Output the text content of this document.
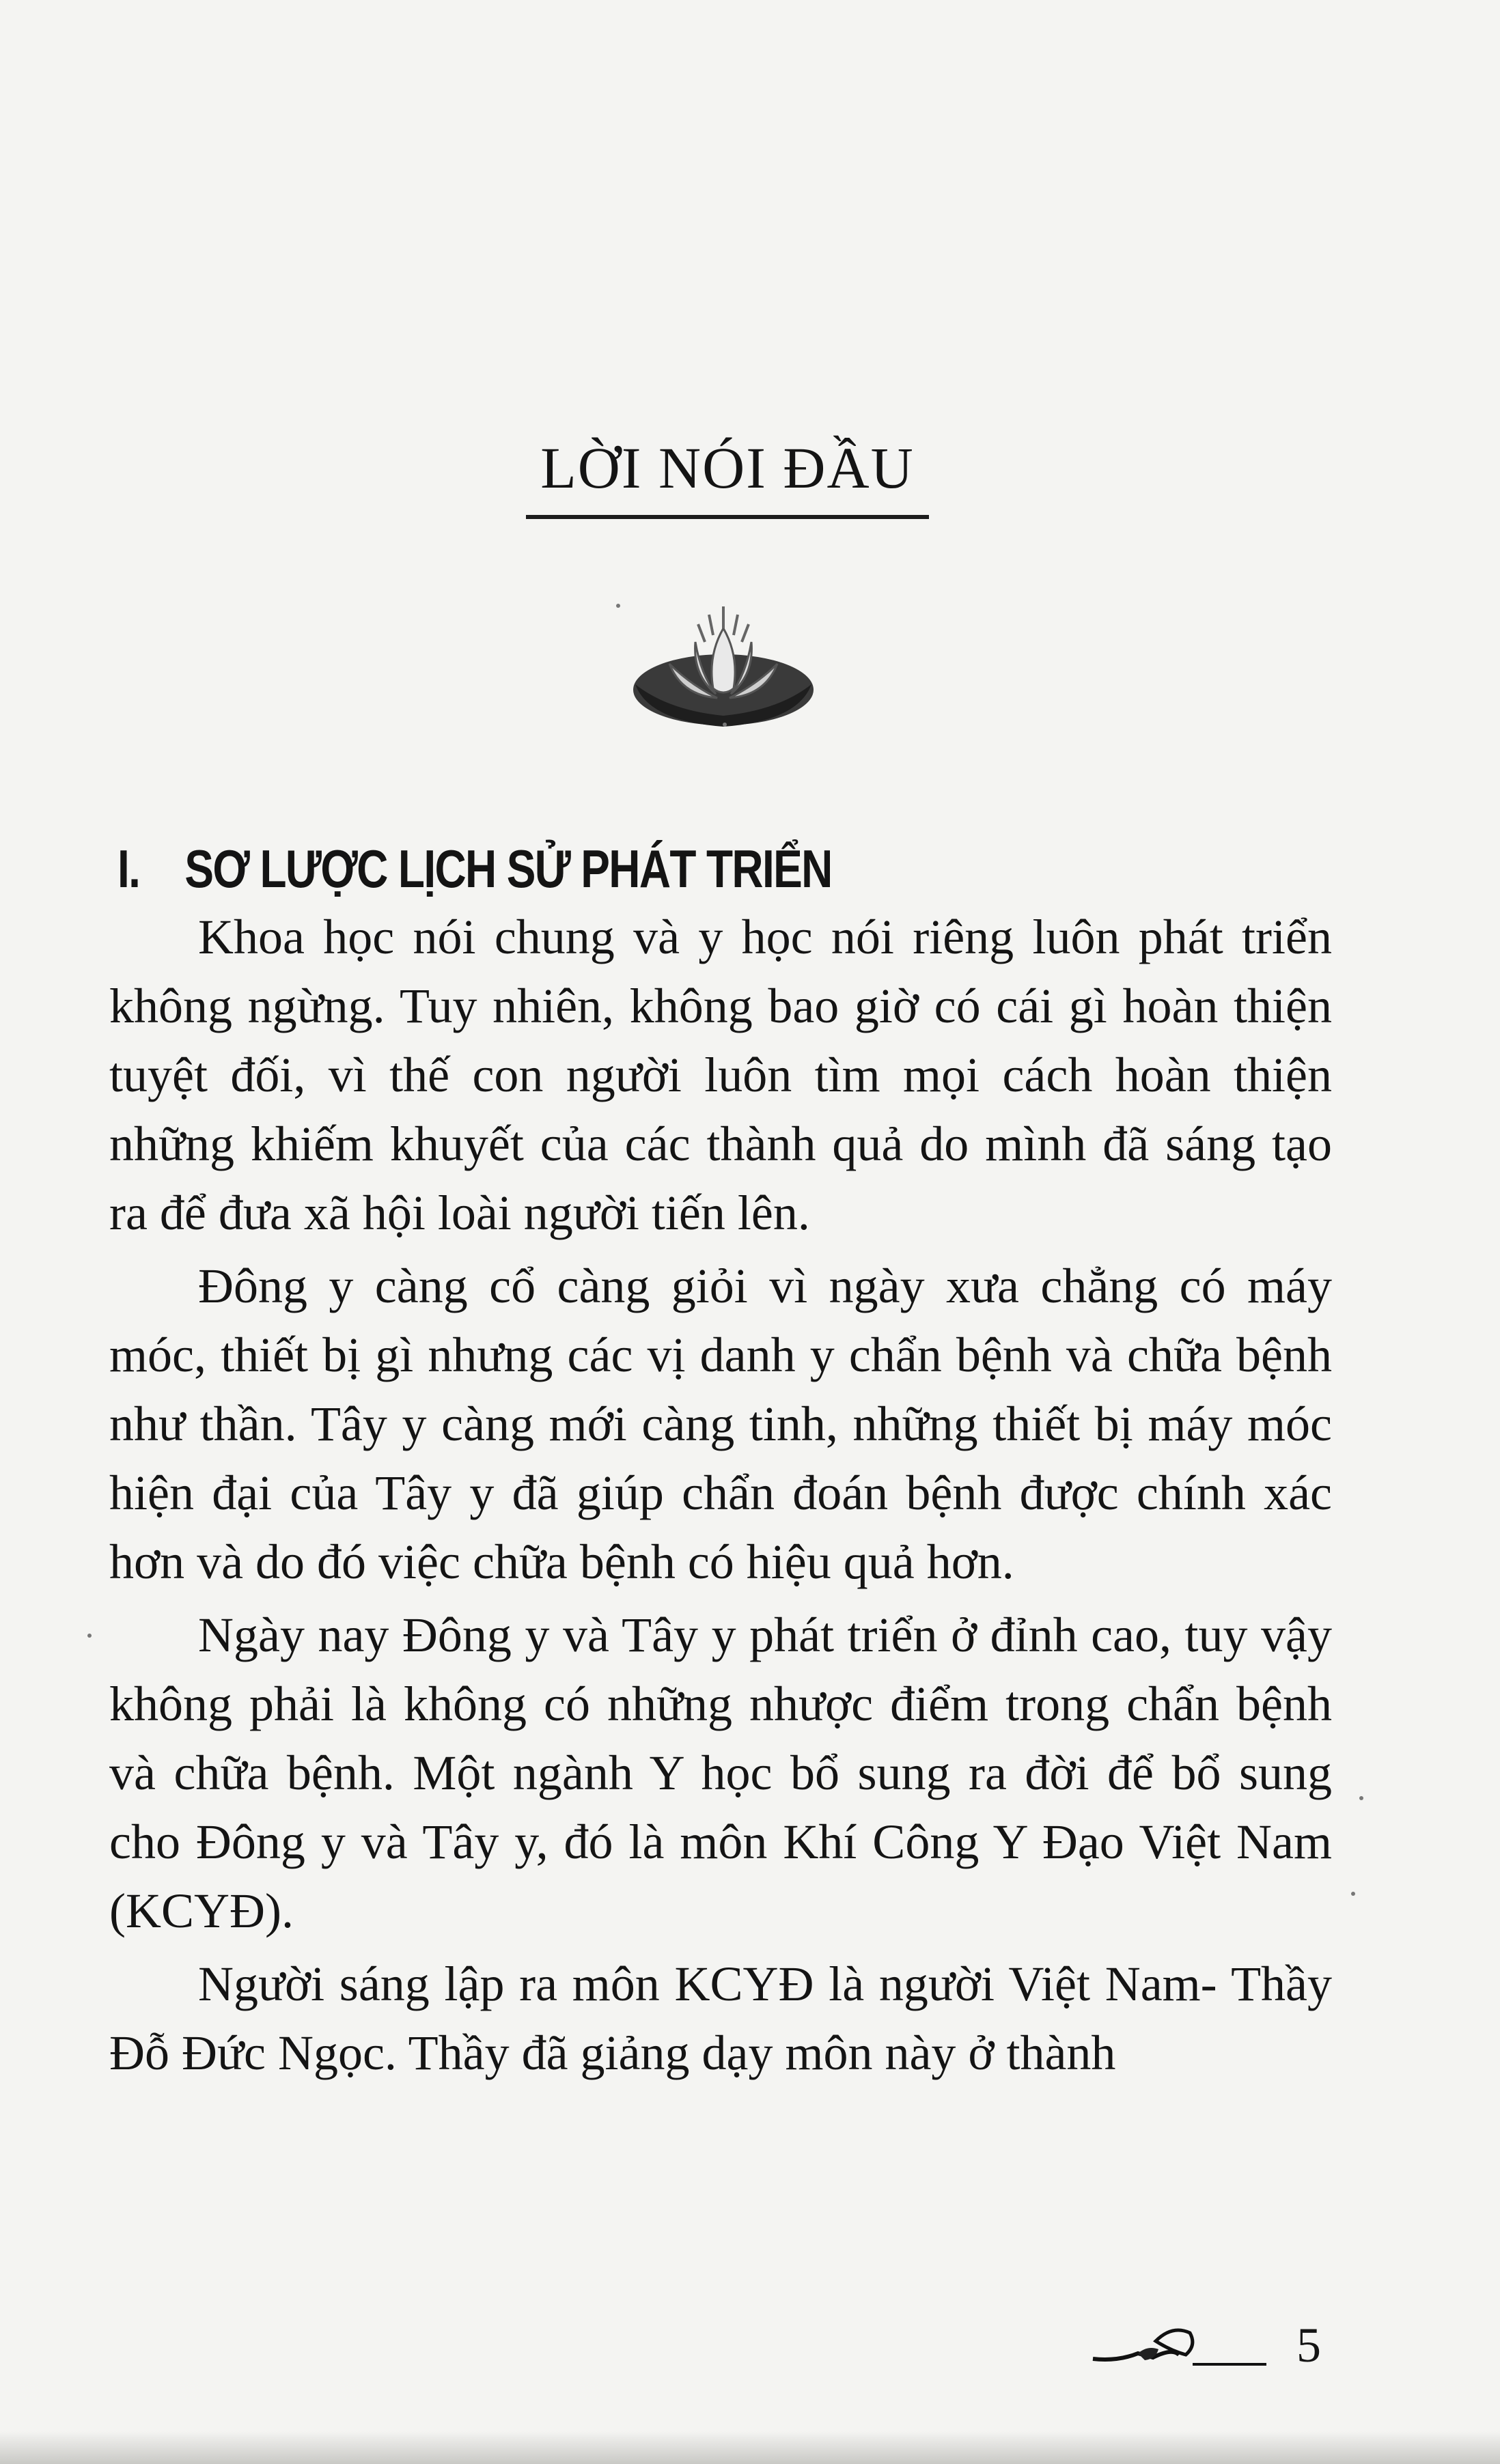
LỜI NÓI ĐẦU
I. SƠ LƯỢC LỊCH SỬ PHÁT TRIỂN

Khoa học nói chung và y học nói riêng luôn phát triển không ngừng. Tuy nhiên, không bao giờ có cái gì hoàn thiện tuyệt đối, vì thế con người luôn tìm mọi cách hoàn thiện những khiếm khuyết của các thành quả do mình đã sáng tạo ra để đưa xã hội loài người tiến lên.

Đông y càng cổ càng giỏi vì ngày xưa chẳng có máy móc, thiết bị gì nhưng các vị danh y chẩn bệnh và chữa bệnh như thần. Tây y càng mới càng tinh, những thiết bị máy móc hiện đại của Tây y đã giúp chẩn đoán bệnh được chính xác hơn và do đó việc chữa bệnh có hiệu quả hơn.

Ngày nay Đông y và Tây y phát triển ở đỉnh cao, tuy vậy không phải là không có những nhược điểm trong chẩn bệnh và chữa bệnh. Một ngành Y học bổ sung ra đời để bổ sung cho Đông y và Tây y, đó là môn Khí Công Y Đạo Việt Nam (KCYĐ).

Người sáng lập ra môn KCYĐ là người Việt Nam- Thầy Đỗ Đức Ngọc. Thầy đã giảng dạy môn này ở thành

5
